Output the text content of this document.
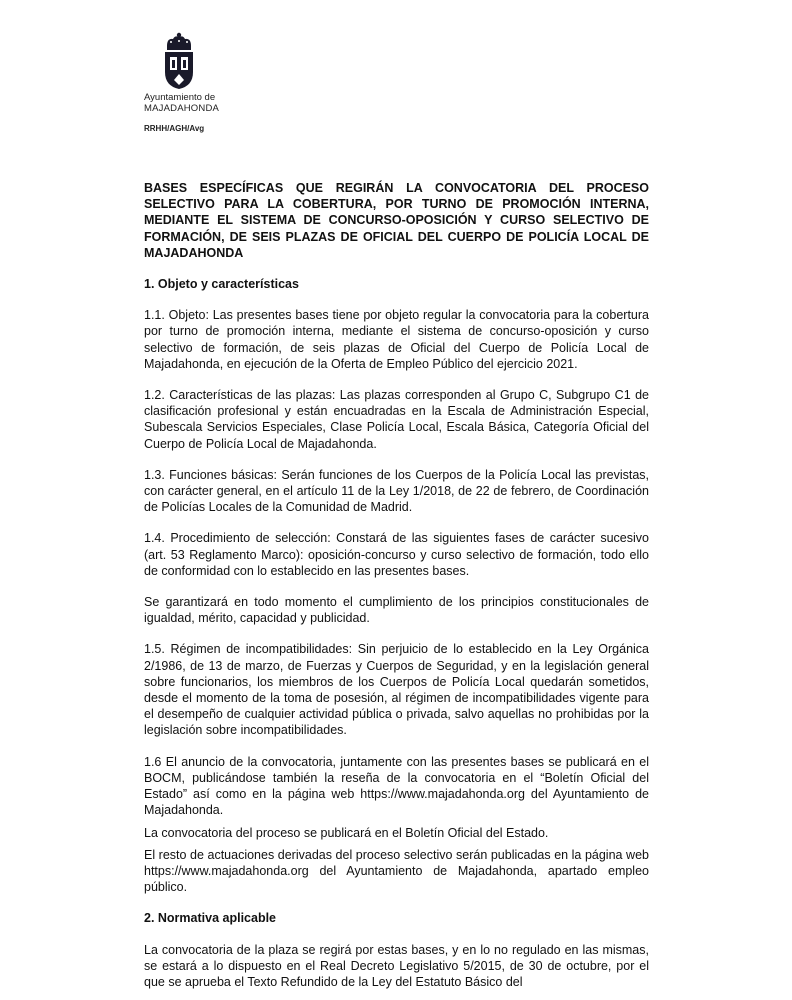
Ayuntamiento de
MAJADAHONDA
RRHH/AGH/Avg

BASES ESPECÍFICAS QUE REGIRÁN LA CONVOCATORIA DEL PROCESO SELECTIVO PARA LA COBERTURA, POR TURNO DE PROMOCIÓN INTERNA, MEDIANTE EL SISTEMA DE CONCURSO-OPOSICIÓN Y CURSO SELECTIVO DE FORMACIÓN, DE SEIS PLAZAS DE OFICIAL DEL CUERPO DE POLICÍA LOCAL DE MAJADAHONDA

1. Objeto y características

1.1. Objeto: Las presentes bases tiene por objeto regular la convocatoria para la cobertura por turno de promoción interna, mediante el sistema de concurso-oposición y curso selectivo de formación, de seis plazas de Oficial del Cuerpo de Policía Local de Majadahonda, en ejecución de la Oferta de Empleo Público del ejercicio 2021.

1.2. Características de las plazas: Las plazas corresponden al Grupo C, Subgrupo C1 de clasificación profesional y están encuadradas en la Escala de Administración Especial, Subescala Servicios Especiales, Clase Policía Local, Escala Básica, Categoría Oficial del Cuerpo de Policía Local de Majadahonda.

1.3. Funciones básicas: Serán funciones de los Cuerpos de la Policía Local las previstas, con carácter general, en el artículo 11 de la Ley 1/2018, de 22 de febrero, de Coordinación de Policías Locales de la Comunidad de Madrid.

1.4. Procedimiento de selección: Constará de las siguientes fases de carácter sucesivo (art. 53 Reglamento Marco): oposición-concurso y curso selectivo de formación, todo ello de conformidad con lo establecido en las presentes bases.

Se garantizará en todo momento el cumplimiento de los principios constitucionales de igualdad, mérito, capacidad y publicidad.

1.5. Régimen de incompatibilidades: Sin perjuicio de lo establecido en la Ley Orgánica 2/1986, de 13 de marzo, de Fuerzas y Cuerpos de Seguridad, y en la legislación general sobre funcionarios, los miembros de los Cuerpos de Policía Local quedarán sometidos, desde el momento de la toma de posesión, al régimen de incompatibilidades vigente para el desempeño de cualquier actividad pública o privada, salvo aquellas no prohibidas por la legislación sobre incompatibilidades.

1.6 El anuncio de la convocatoria, juntamente con las presentes bases se publicará en el BOCM, publicándose también la reseña de la convocatoria en el “Boletín Oficial del Estado” así como en la página web https://www.majadahonda.org del Ayuntamiento de Majadahonda.

La convocatoria del proceso se publicará en el Boletín Oficial del Estado.

El resto de actuaciones derivadas del proceso selectivo serán publicadas en la página web https://www.majadahonda.org del Ayuntamiento de Majadahonda, apartado empleo público.

2. Normativa aplicable

La convocatoria de la plaza se regirá por estas bases, y en lo no regulado en las mismas, se estará a lo dispuesto en el Real Decreto Legislativo 5/2015, de 30 de octubre, por el que se aprueba el Texto Refundido de la Ley del Estatuto Básico del
